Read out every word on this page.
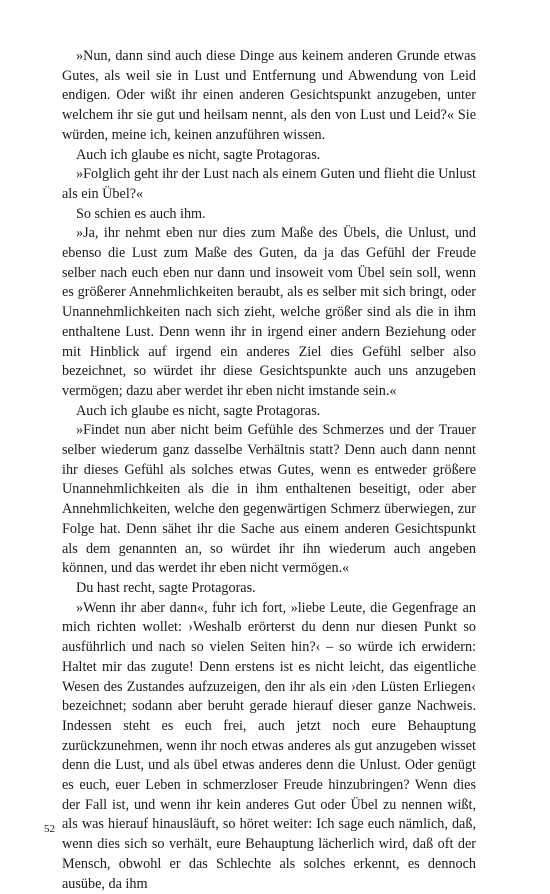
»Nun, dann sind auch diese Dinge aus keinem anderen Grunde etwas Gutes, als weil sie in Lust und Entfernung und Abwendung von Leid endigen. Oder wißt ihr einen anderen Gesichtspunkt anzugeben, unter welchem ihr sie gut und heilsam nennt, als den von Lust und Leid?« Sie würden, meine ich, keinen anzuführen wissen.

Auch ich glaube es nicht, sagte Protagoras.

»Folglich geht ihr der Lust nach als einem Guten und flieht die Unlust als ein Übel?«

So schien es auch ihm.

»Ja, ihr nehmt eben nur dies zum Maße des Übels, die Unlust, und ebenso die Lust zum Maße des Guten, da ja das Gefühl der Freude selber nach euch eben nur dann und insoweit vom Übel sein soll, wenn es größerer Annehmlichkeiten beraubt, als es selber mit sich bringt, oder Unannehmlichkeiten nach sich zieht, welche größer sind als die in ihm enthaltene Lust. Denn wenn ihr in irgend einer andern Beziehung oder mit Hinblick auf irgend ein anderes Ziel dies Gefühl selber also bezeichnet, so würdet ihr diese Gesichtspunkte auch uns anzugeben vermögen; dazu aber werdet ihr eben nicht imstande sein.«

Auch ich glaube es nicht, sagte Protagoras.

»Findet nun aber nicht beim Gefühle des Schmerzes und der Trauer selber wiederum ganz dasselbe Verhältnis statt? Denn auch dann nennt ihr dieses Gefühl als solches etwas Gutes, wenn es entweder größere Unannehmlichkeiten als die in ihm enthaltenen beseitigt, oder aber Annehmlichkeiten, welche den gegenwärtigen Schmerz überwiegen, zur Folge hat. Denn sähet ihr die Sache aus einem anderen Gesichtspunkt als dem genannten an, so würdet ihr ihn wiederum auch angeben können, und das werdet ihr eben nicht vermögen.«

Du hast recht, sagte Protagoras.

»Wenn ihr aber dann«, fuhr ich fort, »liebe Leute, die Gegenfrage an mich richten wollet: ›Weshalb erörterst du denn nur diesen Punkt so ausführlich und nach so vielen Seiten hin?‹ – so würde ich erwidern: Haltet mir das zugute! Denn erstens ist es nicht leicht, das eigentliche Wesen des Zustandes aufzuzeigen, den ihr als ein ›den Lüsten Erliegen‹ bezeichnet; sodann aber beruht gerade hierauf dieser ganze Nachweis. Indessen steht es euch frei, auch jetzt noch eure Behauptung zurückzunehmen, wenn ihr noch etwas anderes als gut anzugeben wisset denn die Lust, und als übel etwas anderes denn die Unlust. Oder genügt es euch, euer Leben in schmerzloser Freude hinzubringen? Wenn dies der Fall ist, und wenn ihr kein anderes Gut oder Übel zu nennen wißt, als was hierauf hinausläuft, so höret weiter: Ich sage euch nämlich, daß, wenn dies sich so verhält, eure Behauptung lächerlich wird, daß oft der Mensch, obwohl er das Schlechte als solches erkennt, es dennoch ausübe, da ihm

52
